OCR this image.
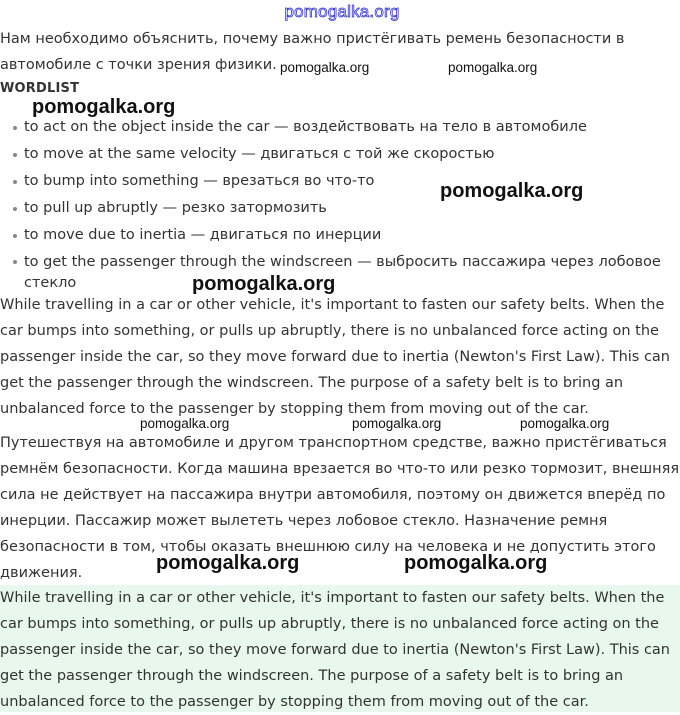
pomogalka.org

Нам необходимо объяснить, почему важно пристёгивать ремень безопасности в автомобиле с точки зрения физики.

WORDLIST
to act on the object inside the car — воздействовать на тело в автомобиле
to move at the same velocity — двигаться с той же скоростью
to bump into something — врезаться во что-то
to pull up abruptly — резко затормозить
to move due to inertia — двигаться по инерции
to get the passenger through the windscreen — выбросить пассажира через лобовое стекло

While travelling in a car or other vehicle, it's important to fasten our safety belts. When the car bumps into something, or pulls up abruptly, there is no unbalanced force acting on the passenger inside the car, so they move forward due to inertia (Newton's First Law). This can get the passenger through the windscreen. The purpose of a safety belt is to bring an unbalanced force to the passenger by stopping them from moving out of the car.

Путешествуя на автомобиле и другом транспортном средстве, важно пристёгиваться ремнём безопасности. Когда машина врезается во что-то или резко тормозит, внешняя сила не действует на пассажира внутри автомобиля, поэтому он движется вперёд по инерции. Пассажир может вылететь через лобовое стекло. Назначение ремня безопасности в том, чтобы оказать внешнюю силу на человека и не допустить этого движения.

While travelling in a car or other vehicle, it's important to fasten our safety belts. When the car bumps into something, or pulls up abruptly, there is no unbalanced force acting on the passenger inside the car, so they move forward due to inertia (Newton's First Law). This can get the passenger through the windscreen. The purpose of a safety belt is to bring an unbalanced force to the passenger by stopping them from moving out of the car.

pomogalka.org	pomogalka.org
pomogalka.org
pomogalka.org
pomogalka.org
pomogalka.org	pomogalka.org	pomogalka.org
pomogalka.org	pomogalka.org
